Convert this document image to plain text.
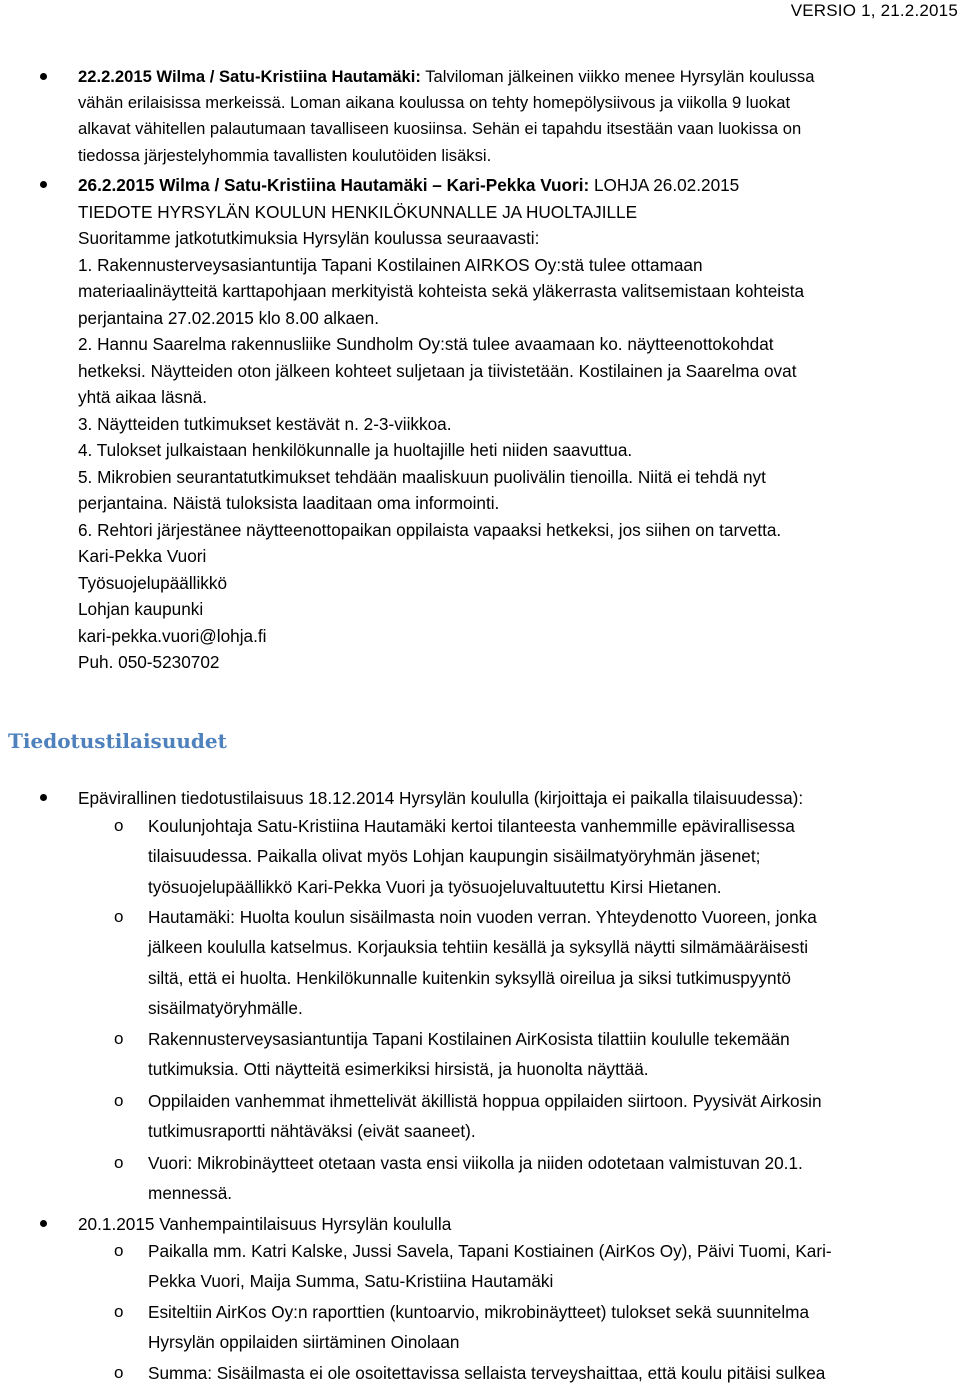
VERSIO 1, 21.2.2015
22.2.2015 Wilma / Satu-Kristiina Hautamäki: Talviloman jälkeinen viikko menee Hyrsylän koulussa
vähän erilaisissa merkeissä. Loman aikana koulussa on tehty homepölysiivous ja viikolla 9 luokat
alkavat vähitellen palautumaan tavalliseen kuosiinsa. Sehän ei tapahdu itsestään vaan luokissa on
tiedossa järjestelyhommia tavallisten koulutöiden lisäksi.
26.2.2015 Wilma / Satu-Kristiina Hautamäki – Kari-Pekka Vuori: LOHJA 26.02.2015
TIEDOTE HYRSYLÄN KOULUN HENKILÖKUNNALLE JA HUOLTAJILLE
Suoritamme jatkotutkimuksia Hyrsylän koulussa seuraavasti:
1. Rakennusterveysasiantuntija Tapani Kostilainen AIRKOS Oy:stä tulee ottamaan
materiaalinäytteitä karttapohjaan merkityistä kohteista sekä yläkerrasta valitsemistaan kohteista
perjantaina 27.02.2015 klo 8.00 alkaen.
2. Hannu Saarelma rakennusliike Sundholm Oy:stä tulee avaamaan ko. näytteenottokohdat
hetkeksi. Näytteiden oton jälkeen kohteet suljetaan ja tiivistetään. Kostilainen ja Saarelma ovat
yhtä aikaa läsnä.
3. Näytteiden tutkimukset kestävät n. 2-3-viikkoa.
4. Tulokset julkaistaan henkilökunnalle ja huoltajille heti niiden saavuttua.
5. Mikrobien seurantatutkimukset tehdään maaliskuun puolivälin tienoilla. Niitä ei tehdä nyt
perjantaina. Näistä tuloksista laaditaan oma informointi.
6. Rehtori järjestänee näytteenottopaikan oppilaista vapaaksi hetkeksi, jos siihen on tarvetta.
Kari-Pekka Vuori
Työsuojelupäällikkö
Lohjan kaupunki
kari-pekka.vuori@lohja.fi
Puh. 050-5230702
Tiedotustilaisuudet
Epävirallinen tiedotustilaisuus 18.12.2014 Hyrsylän koululla (kirjoittaja ei paikalla tilaisuudessa):
o Koulunjohtaja Satu-Kristiina Hautamäki kertoi tilanteesta vanhemmille epävirallisessa
tilaisuudessa. Paikalla olivat myös Lohjan kaupungin sisäilmatyöryhmän jäsenet;
työsuojelupäällikkö Kari-Pekka Vuori ja työsuojeluvaltuutettu Kirsi Hietanen.
o Hautamäki: Huolta koulun sisäilmasta noin vuoden verran. Yhteydenotto Vuoreen, jonka
jälkeen koululla katselmus. Korjauksia tehtiin kesällä ja syksyllä näytti silmämääräisesti
siltä, että ei huolta. Henkilökunnalle kuitenkin syksyllä oireilua ja siksi tutkimuspyyntö
sisäilmatyöryhmälle.
o Rakennusterveysasiantuntija Tapani Kostilainen AirKosista tilattiin koululle tekemään
tutkimuksia. Otti näytteitä esimerkiksi hirsistä, ja huonolta näyttää.
o Oppilaiden vanhemmat ihmettelivät äkillistä hoppua oppilaiden siirtoon. Pyysivät Airkosin
tutkimusraportti nähtäväksi (eivät saaneet).
o Vuori: Mikrobinäytteet otetaan vasta ensi viikolla ja niiden odotetaan valmistuvan 20.1.
mennessä.
20.1.2015 Vanhempaintilaisuus Hyrsylän koululla
o Paikalla mm. Katri Kalske, Jussi Savela, Tapani Kostiainen (AirKos Oy), Päivi Tuomi, Kari-
Pekka Vuori, Maija Summa, Satu-Kristiina Hautamäki
o Esiteltiin AirKos Oy:n raporttien (kuntoarvio, mikrobinäytteet) tulokset sekä suunnitelma
Hyrsylän oppilaiden siirtäminen Oinolaan
o Summa: Sisäilmasta ei ole osoitettavissa sellaista terveyshaittaa, että koulu pitäisi sulkea
